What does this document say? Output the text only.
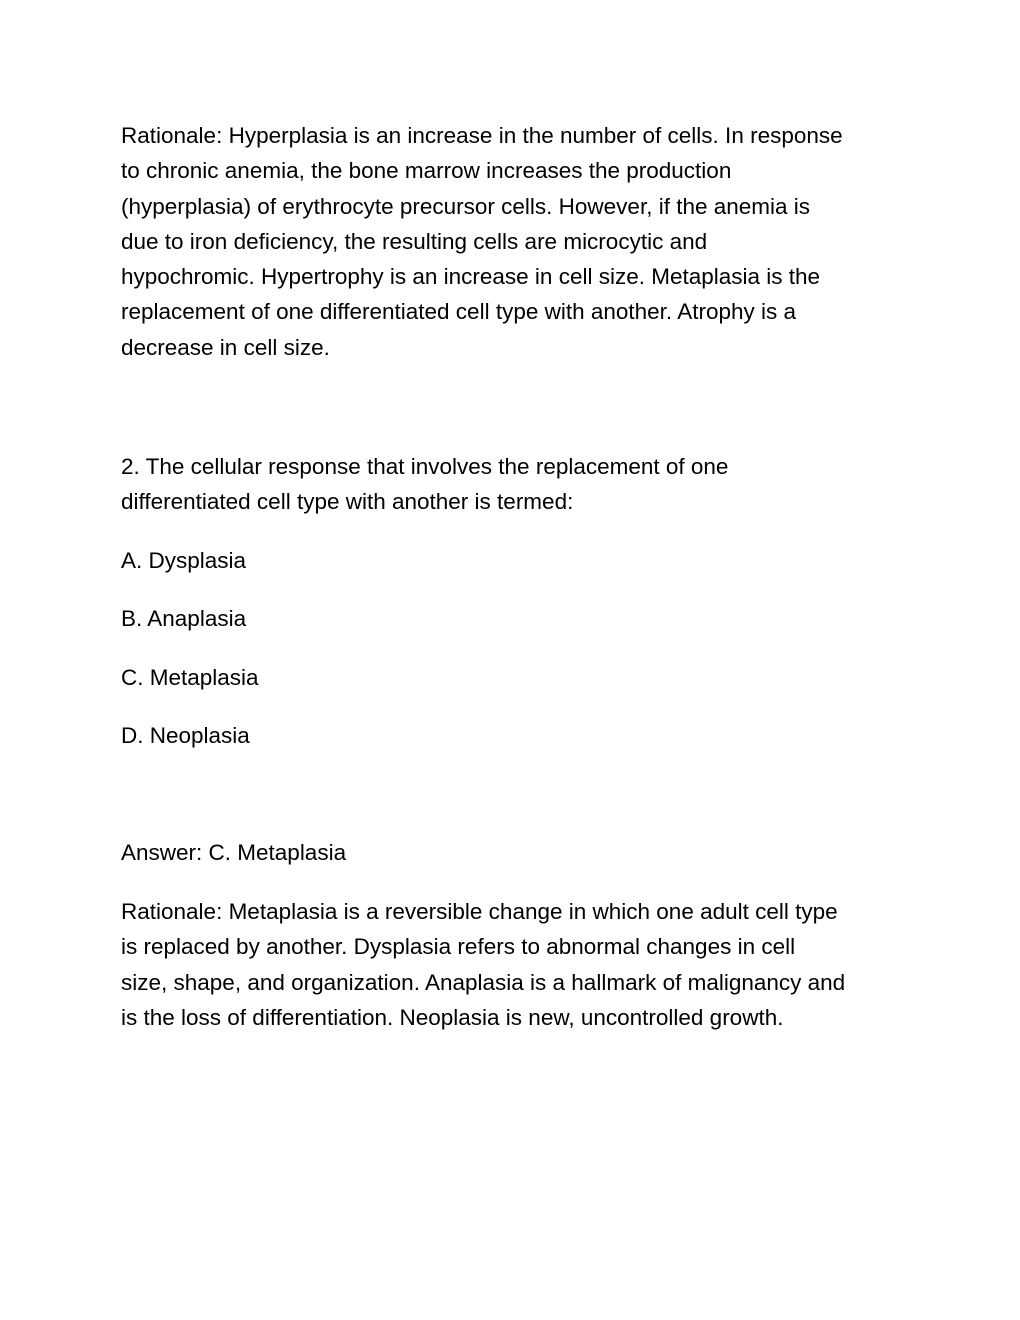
Rationale: Hyperplasia is an increase in the number of cells. In response
to chronic anemia, the bone marrow increases the production
(hyperplasia) of erythrocyte precursor cells. However, if the anemia is
due to iron deficiency, the resulting cells are microcytic and
hypochromic. Hypertrophy is an increase in cell size. Metaplasia is the
replacement of one differentiated cell type with another. Atrophy is a
decrease in cell size.

2. The cellular response that involves the replacement of one
differentiated cell type with another is termed:

A. Dysplasia

B. Anaplasia

C. Metaplasia

D. Neoplasia

Answer: C. Metaplasia

Rationale: Metaplasia is a reversible change in which one adult cell type
is replaced by another. Dysplasia refers to abnormal changes in cell
size, shape, and organization. Anaplasia is a hallmark of malignancy and
is the loss of differentiation. Neoplasia is new, uncontrolled growth.
